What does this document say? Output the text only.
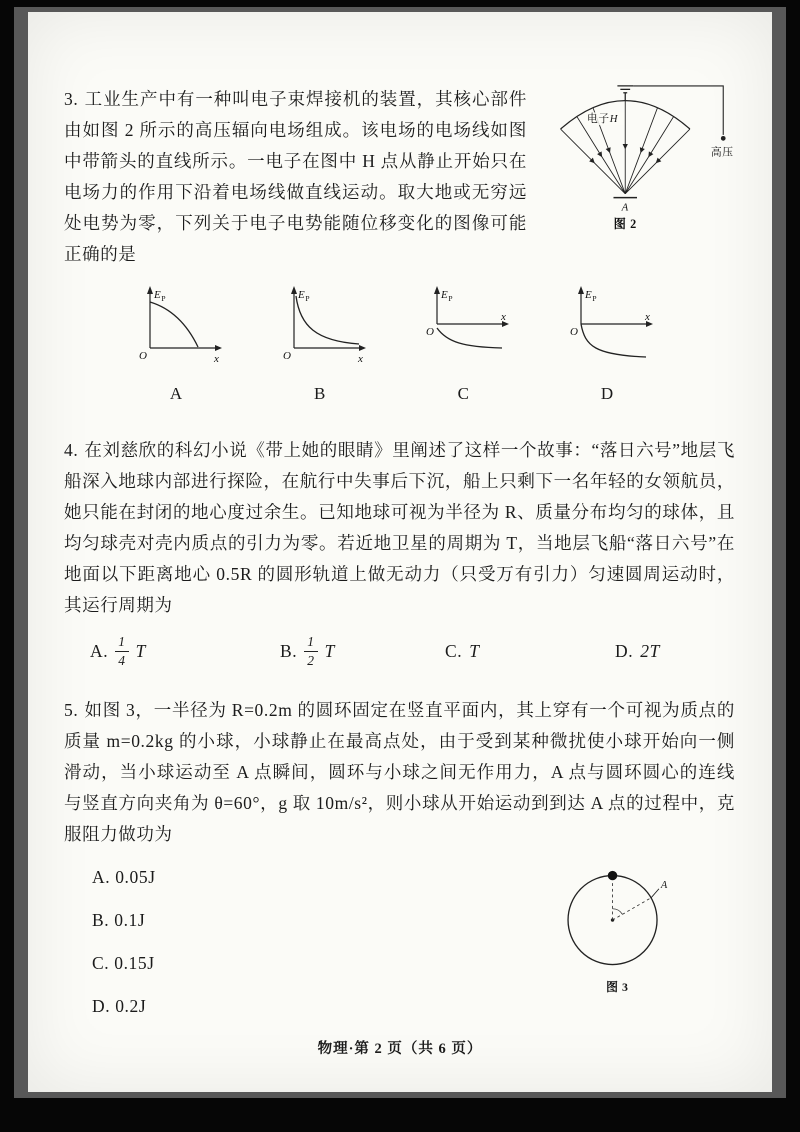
高压
电子H
A
图 2

3. 工业生产中有一种叫电子束焊接机的装置，其核心部件由如图 2 所示的高压辐向电场组成。该电场的电场线如图中带箭头的直线所示。一电子在图中 H 点从静止开始只在电场力的作用下沿着电场线做直线运动。取大地或无穷远处电势为零，下列关于电子电势能随位移变化的图像可能正确的是

$E_P$
O	x
A
$E_P$
O	x
B
$E_P$
O
x
C
$E_P$
O
x
D

4. 在刘慈欣的科幻小说《带上她的眼睛》里阐述了这样一个故事：“落日六号”地层飞船深入地球内部进行探险，在航行中失事后下沉，船上只剩下一名年轻的女领航员，她只能在封闭的地心度过余生。已知地球可视为半径为 R、质量分布均匀的球体，且均匀球壳对壳内质点的引力为零。若近地卫星的周期为 T，当地层飞船“落日六号”在地面以下距离地心 0.5R 的圆形轨道上做无动力（只受万有引力）匀速圆周运动时，其运行周期为

A. $\frac{1}{4}$ T	B. $\frac{1}{2}$ T	C. T	D. 2T

5. 如图 3，一半径为 R=0.2m 的圆环固定在竖直平面内，其上穿有一个可视为质点的质量 m=0.2kg 的小球，小球静止在最高点处，由于受到某种微扰使小球开始向一侧滑动，当小球运动至 A 点瞬间，圆环与小球之间无作用力，A 点与圆环圆心的连线与竖直方向夹角为 θ=60°，g 取 10m/s²，则小球从开始运动到到达 A 点的过程中，克服阻力做功为

A. 0.05J

B. 0.1J

C. 0.15J

D. 0.2J

A
图 3
物理·第 2 页（共 6 页）
